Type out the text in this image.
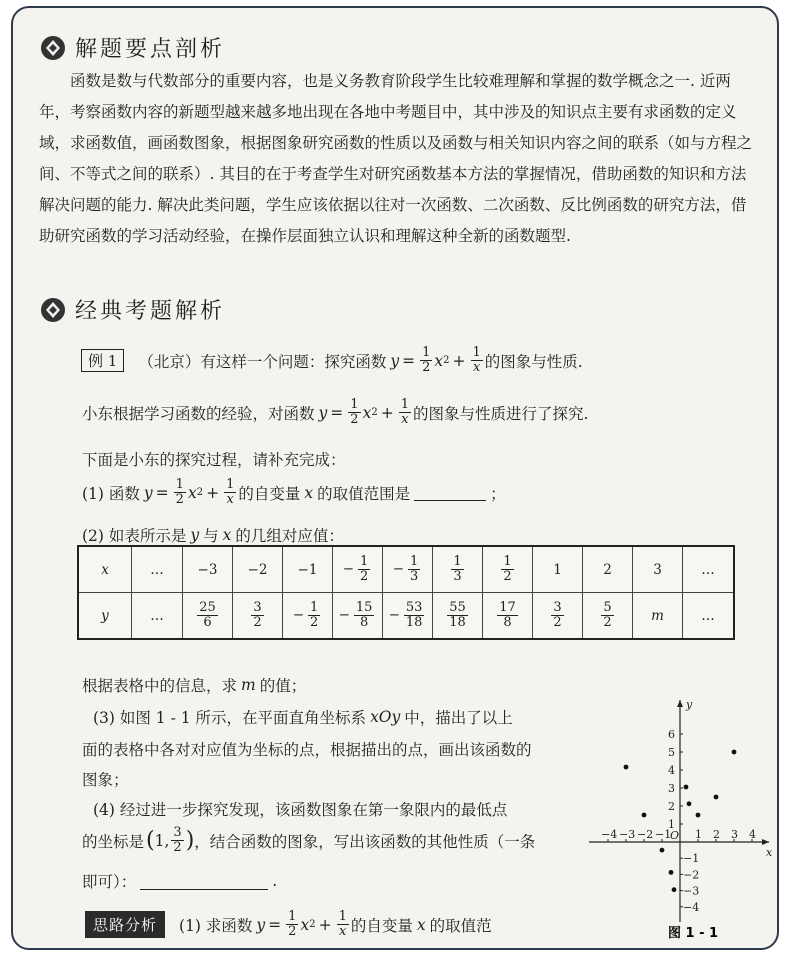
解题要点剖析
函数是数与代数部分的重要内容，也是义务教育阶段学生比较难理解和掌握的数学概念之一. 近两年，考察函数内容的新题型越来越多地出现在各地中考题目中，其中涉及的知识点主要有求函数的定义域，求函数值，画函数图象，根据图象研究函数的性质以及函数与相关知识内容之间的联系（如与方程之间、不等式之间的联系）. 其目的在于考查学生对研究函数基本方法的掌握情况，借助函数的知识和方法解决问题的能力. 解决此类问题，学生应该依据以往对一次函数、二次函数、反比例函数的研究方法，借助研究函数的学习活动经验，在操作层面独立认识和理解这种全新的函数题型.
经典考题解析
例 1	（北京）有这样一个问题：探究函数 $y = \frac{1}{2}$ x $2 + \frac{1}{x}$ 的图象与性质.
小东根据学习函数的经验，对函数 $y = \frac{1}{2}$ x $2 + \frac{1}{x}$ 的图象与性质进行了探究.
下面是小东的探究过程，请补充完成：
(1) 函数 $y = \frac{1}{2}$ x $2 + \frac{1}{x}$ 的自变量 x 的取值范围是	；
(2) 如表所示是 y 与 x 的几组对应值：
x	…	−3	−2	−1	− $\frac{1}{2}$	− $\frac{1}{3}$	$\frac{1}{3}$	$\frac{1}{2}$	1	2	3	…
y	…	$\frac{25}{6}$	$\frac{3}{2}$	− $\frac{1}{2}$	− $\frac{15}{8}$	− $\frac{53}{18}$	$\frac{55}{18}$	$\frac{17}{8}$	$\frac{3}{2}$	$\frac{5}{2}$	m	…
根据表格中的信息，求 m 的值；
(3) 如图 1 - 1 所示，在平面直角坐标系 xOy 中，描出了以上
面的表格中各对对应值为坐标的点，根据描出的点，画出该函数的
图象；
(4) 经过进一步探究发现，该函数图象在第一象限内的最低点
的坐标是 ( 1 , $\frac{3}{2}$ ) ，结合函数的图象，写出该函数的其他性质（一条
即可）：	.
思路分析	(1) 求函数 $y = \frac{1}{2}$ x $2 + \frac{1}{x}$ 的自变量 x 的取值范
x
y
O
−4 −3 −2 −1 1 2 3 4
1
2
3
4
5
6
−1
−2
−3
−4
图 1 - 1
